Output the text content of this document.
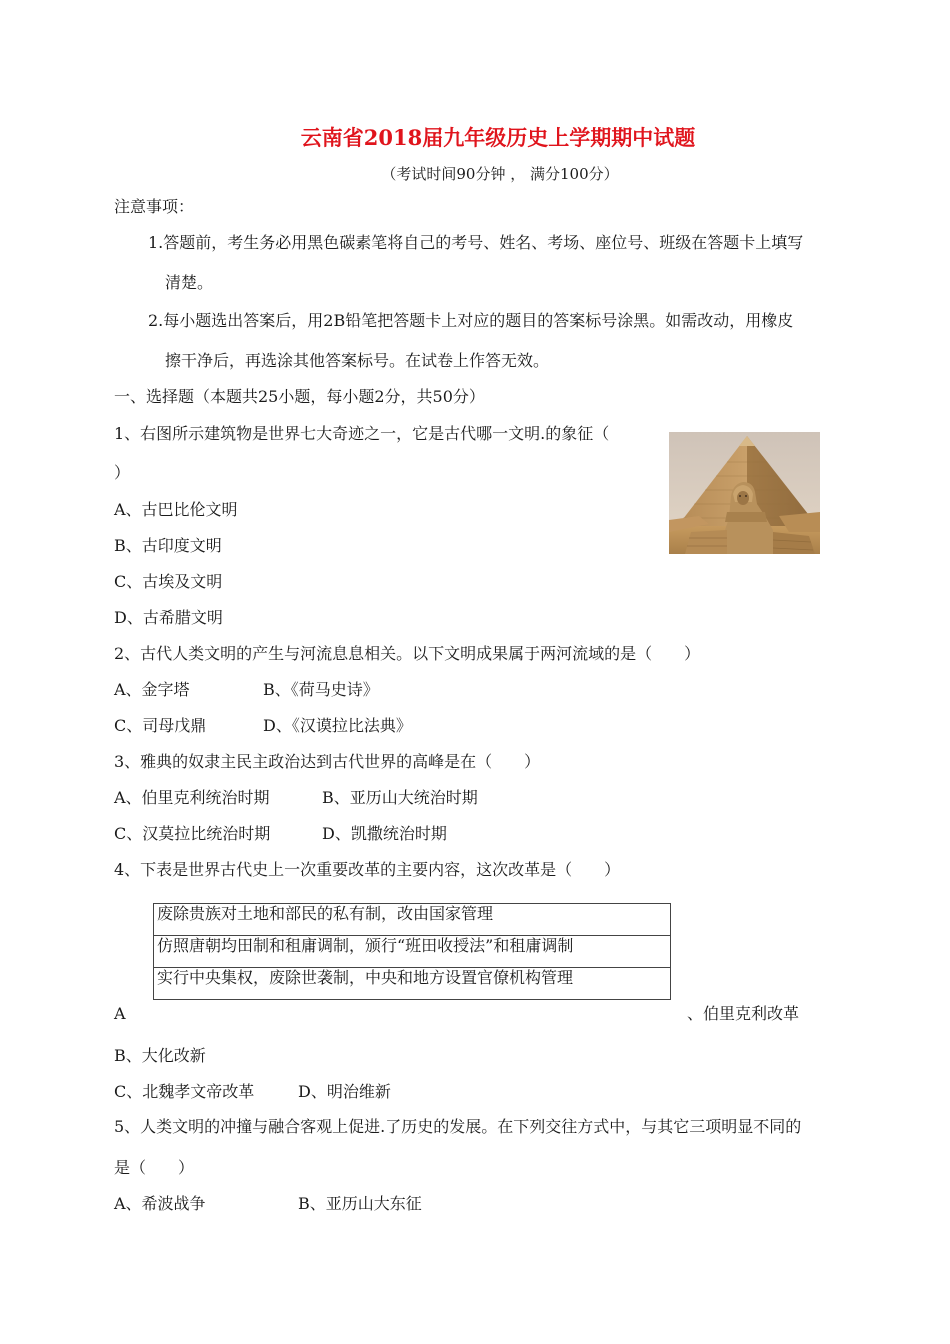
云南省2018届九年级历史上学期期中试题
（考试时间90分钟 ， 满分100分）
注意事项：
1.答题前，考生务必用黑色碳素笔将自己的考号、姓名、考场、座位号、班级在答题卡上填写
清楚。
2.每小题选出答案后，用2B铅笔把答题卡上对应的题目的答案标号涂黑。如需改动，用橡皮
擦干净后，再选涂其他答案标号。在试卷上作答无效。
一、选择题（本题共25小题，每小题2分，共50分）
1、右图所示建筑物是世界七大奇迹之一，它是古代哪一文明.的象征（
）
A、古巴比伦文明
B、古印度文明
C、古埃及文明
D、古希腊文明
2、古代人类文明的产生与河流息息相关。以下文明成果属于两河流域的是（　　）
A、金字塔	B、《荷马史诗》
C、司母戊鼎	D、《汉谟拉比法典》
3、雅典的奴隶主民主政治达到古代世界的高峰是在（　　）
A、伯里克利统治时期	B、亚历山大统治时期
C、汉莫拉比统治时期	D、凯撒统治时期
4、下表是世界古代史上一次重要改革的主要内容，这次改革是（　　）
废除贵族对土地和部民的私有制，改由国家管理
仿照唐朝均田制和租庸调制，颁行“班田收授法”和租庸调制
实行中央集权，废除世袭制，中央和地方设置官僚机构管理
A	、伯里克利改革
B、大化改新
C、北魏孝文帝改革	D、明治维新
5、人类文明的冲撞与融合客观上促进.了历史的发展。在下列交往方式中，与其它三项明显不同的
是（　　）
A、希波战争	B、亚历山大东征
